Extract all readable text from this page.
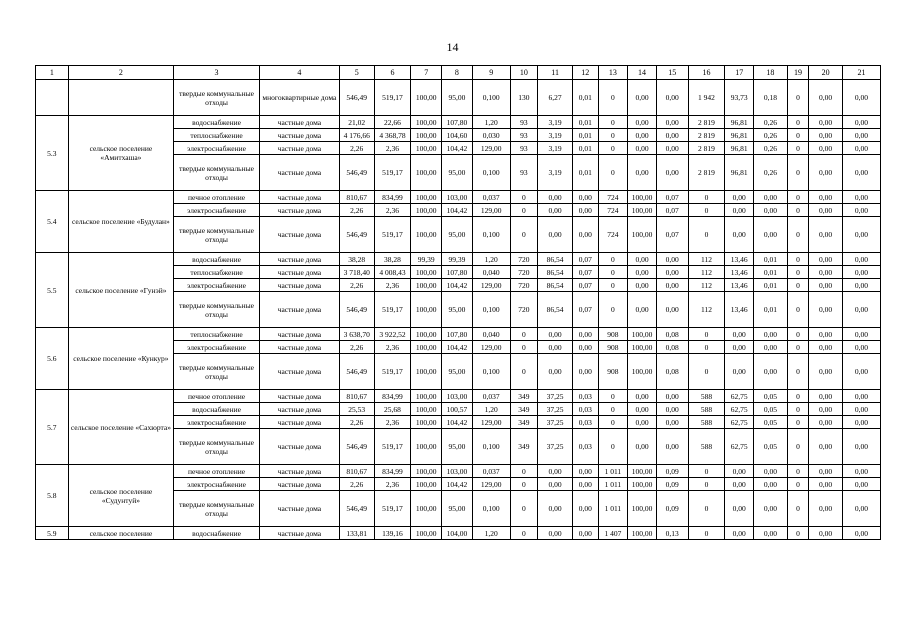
14
1	2	3	4	5	6	7	8	9	10	11	12	13	14	15	16	17	18	19	20	21
		твердые коммунальные отходы	многоквартирные дома	546,49	519,17	100,00	95,00	0,100	130	6,27	0,01	0	0,00	0,00	1 942	93,73	0,18	0	0,00	0,00
5.3	сельское поселение «Амитхаша»	водоснабжение	частные дома	21,02	22,66	100,00	107,80	1,20	93	3,19	0,01	0	0,00	0,00	2 819	96,81	0,26	0	0,00	0,00
		теплоснабжение	частные дома	4 176,66	4 368,78	100,00	104,60	0,030	93	3,19	0,01	0	0,00	0,00	2 819	96,81	0,26	0	0,00	0,00
		электроснабжение	частные дома	2,26	2,36	100,00	104,42	129,00	93	3,19	0,01	0	0,00	0,00	2 819	96,81	0,26	0	0,00	0,00
		твердые коммунальные отходы	частные дома	546,49	519,17	100,00	95,00	0,100	93	3,19	0,01	0	0,00	0,00	2 819	96,81	0,26	0	0,00	0,00
5.4	сельское поселение «Будулан»	печное отопление	частные дома	810,67	834,99	100,00	103,00	0,037	0	0,00	0,00	724	100,00	0,07	0	0,00	0,00	0	0,00	0,00
		электроснабжение	частные дома	2,26	2,36	100,00	104,42	129,00	0	0,00	0,00	724	100,00	0,07	0	0,00	0,00	0	0,00	0,00
		твердые коммунальные отходы	частные дома	546,49	519,17	100,00	95,00	0,100	0	0,00	0,00	724	100,00	0,07	0	0,00	0,00	0	0,00	0,00
5.5	сельское поселение «Гунэй»	водоснабжение	частные дома	38,28	38,28	99,39	99,39	1,20	720	86,54	0,07	0	0,00	0,00	112	13,46	0,01	0	0,00	0,00
		теплоснабжение	частные дома	3 718,40	4 008,43	100,00	107,80	0,040	720	86,54	0,07	0	0,00	0,00	112	13,46	0,01	0	0,00	0,00
		электроснабжение	частные дома	2,26	2,36	100,00	104,42	129,00	720	86,54	0,07	0	0,00	0,00	112	13,46	0,01	0	0,00	0,00
		твердые коммунальные отходы	частные дома	546,49	519,17	100,00	95,00	0,100	720	86,54	0,07	0	0,00	0,00	112	13,46	0,01	0	0,00	0,00
5.6	сельское поселение «Кункур»	теплоснабжение	частные дома	3 638,70	3 922,52	100,00	107,80	0,040	0	0,00	0,00	908	100,00	0,08	0	0,00	0,00	0	0,00	0,00
		электроснабжение	частные дома	2,26	2,36	100,00	104,42	129,00	0	0,00	0,00	908	100,00	0,08	0	0,00	0,00	0	0,00	0,00
		твердые коммунальные отходы	частные дома	546,49	519,17	100,00	95,00	0,100	0	0,00	0,00	908	100,00	0,08	0	0,00	0,00	0	0,00	0,00
5.7	сельское поселение «Сахюрта»	печное отопление	частные дома	810,67	834,99	100,00	103,00	0,037	349	37,25	0,03	0	0,00	0,00	588	62,75	0,05	0	0,00	0,00
		водоснабжение	частные дома	25,53	25,68	100,00	100,57	1,20	349	37,25	0,03	0	0,00	0,00	588	62,75	0,05	0	0,00	0,00
		электроснабжение	частные дома	2,26	2,36	100,00	104,42	129,00	349	37,25	0,03	0	0,00	0,00	588	62,75	0,05	0	0,00	0,00
		твердые коммунальные отходы	частные дома	546,49	519,17	100,00	95,00	0,100	349	37,25	0,03	0	0,00	0,00	588	62,75	0,05	0	0,00	0,00
5.8	сельское поселение «Судунтуй»	печное отопление	частные дома	810,67	834,99	100,00	103,00	0,037	0	0,00	0,00	1 011	100,00	0,09	0	0,00	0,00	0	0,00	0,00
		электроснабжение	частные дома	2,26	2,36	100,00	104,42	129,00	0	0,00	0,00	1 011	100,00	0,09	0	0,00	0,00	0	0,00	0,00
		твердые коммунальные отходы	частные дома	546,49	519,17	100,00	95,00	0,100	0	0,00	0,00	1 011	100,00	0,09	0	0,00	0,00	0	0,00	0,00
5.9	сельское поселение	водоснабжение	частные дома	133,81	139,16	100,00	104,00	1,20	0	0,00	0,00	1 407	100,00	0,13	0	0,00	0,00	0	0,00	0,00
